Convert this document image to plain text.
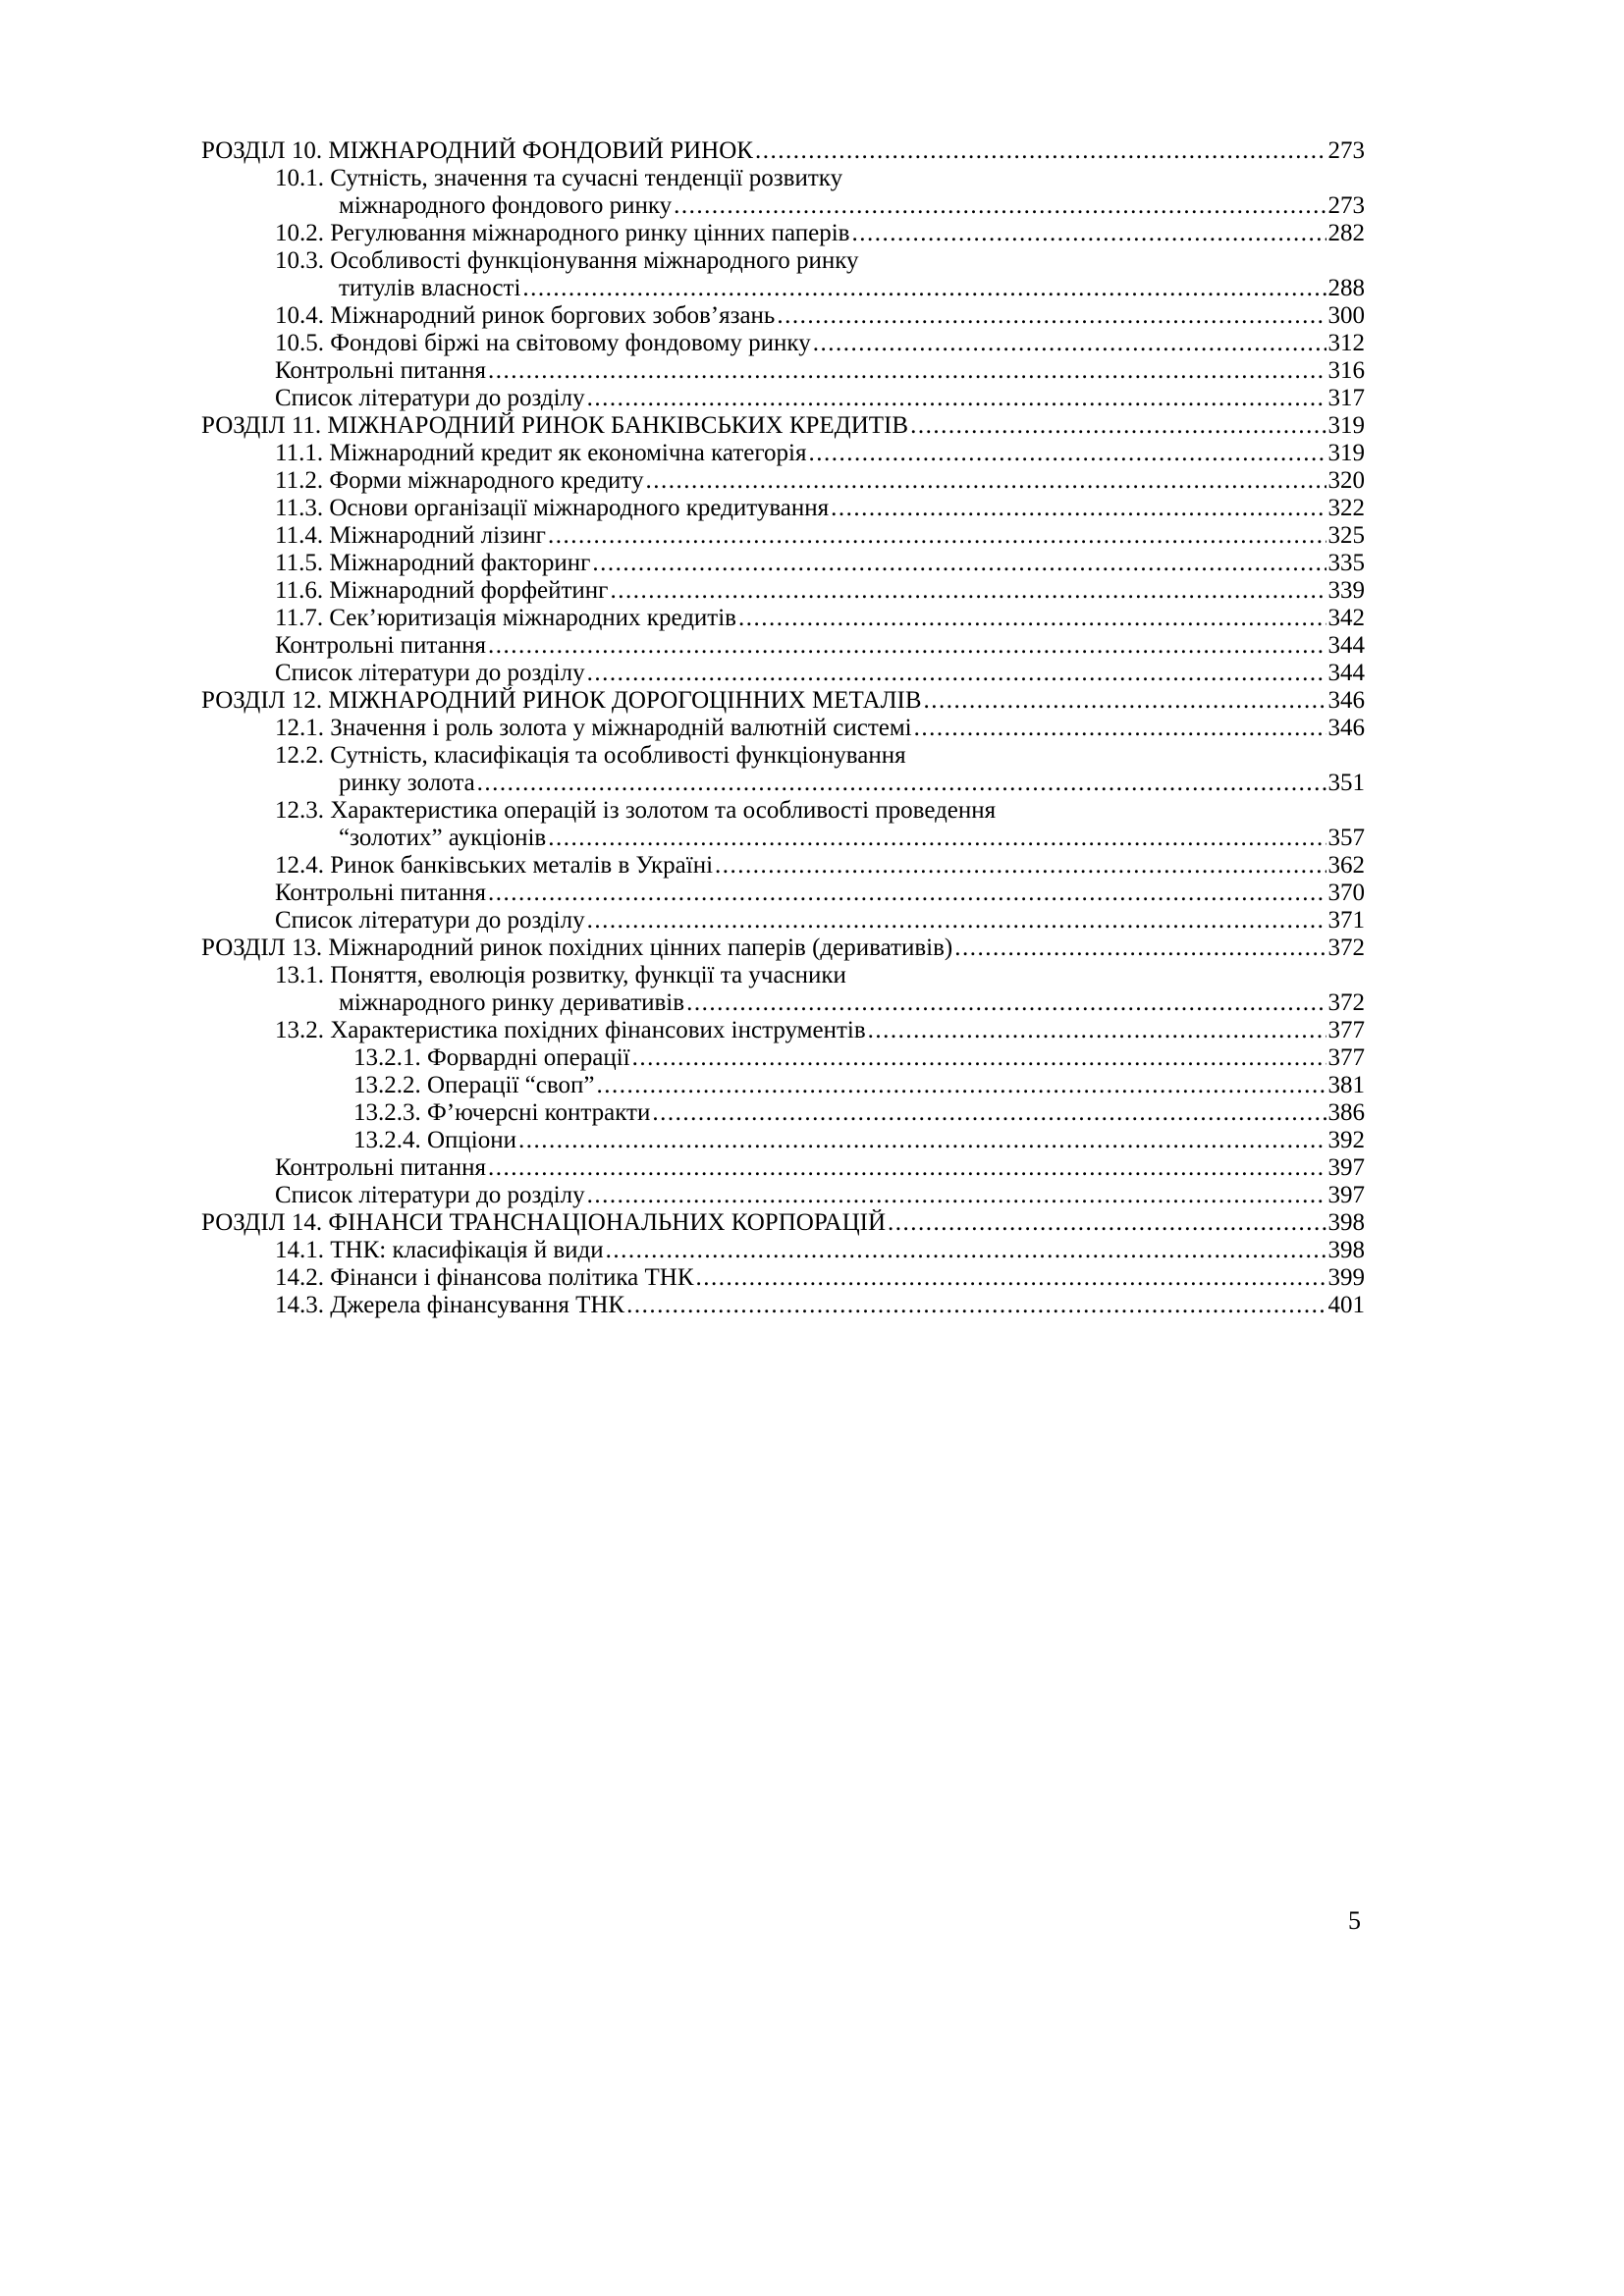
РОЗДІЛ 10. МІЖНАРОДНИЙ ФОНДОВИЙ РИНОК .....	273
10.1. Сутність, значення та сучасні тенденції розвитку
міжнародного фондового ринку .....	273
10.2. Регулювання міжнародного ринку цінних паперів .....	282
10.3. Особливості функціонування міжнародного ринку
титулів власності .....	288
10.4. Міжнародний ринок боргових зобов’язань .....	300
10.5. Фондові біржі на світовому фондовому ринку .....	312
Контрольні питання .....	316
Список літератури до розділу .....	317
РОЗДІЛ 11. МІЖНАРОДНИЙ РИНОК БАНКІВСЬКИХ КРЕДИТІВ .....	319
11.1. Міжнародний кредит як економічна категорія .....	319
11.2. Форми міжнародного кредиту .....	320
11.3. Основи організації міжнародного кредитування .....	322
11.4. Міжнародний лізинг .....	325
11.5. Міжнародний факторинг .....	335
11.6. Міжнародний форфейтинг .....	339
11.7. Сек’юритизація міжнародних кредитів .....	342
Контрольні питання .....	344
Список літератури до розділу .....	344
РОЗДІЛ 12. МІЖНАРОДНИЙ РИНОК ДОРОГОЦІННИХ МЕТАЛІВ .....	346
12.1. Значення і роль золота у міжнародній валютній системі .....	346
12.2. Сутність, класифікація та особливості функціонування
ринку золота .....	351
12.3. Характеристика операцій із золотом та особливості проведення
“золотих” аукціонів .....	357
12.4. Ринок банківських металів в Україні .....	362
Контрольні питання .....	370
Список літератури до розділу .....	371
РОЗДІЛ 13. Міжнародний ринок похідних цінних паперів (деривативів) .....	372
13.1. Поняття, еволюція розвитку, функції та учасники
міжнародного ринку деривативів .....	372
13.2. Характеристика похідних фінансових інструментів .....	377
13.2.1. Форвардні операції .....	377
13.2.2. Операції “своп” .....	381
13.2.3. Ф’ючерсні контракти .....	386
13.2.4. Опціони .....	392
Контрольні питання .....	397
Список літератури до розділу .....	397
РОЗДІЛ 14. ФІНАНСИ ТРАНСНАЦІОНАЛЬНИХ КОРПОРАЦІЙ .....	398
14.1. ТНК: класифікація й види .....	398
14.2. Фінанси і фінансова політика ТНК .....	399
14.3. Джерела фінансування ТНК .....	401
5
